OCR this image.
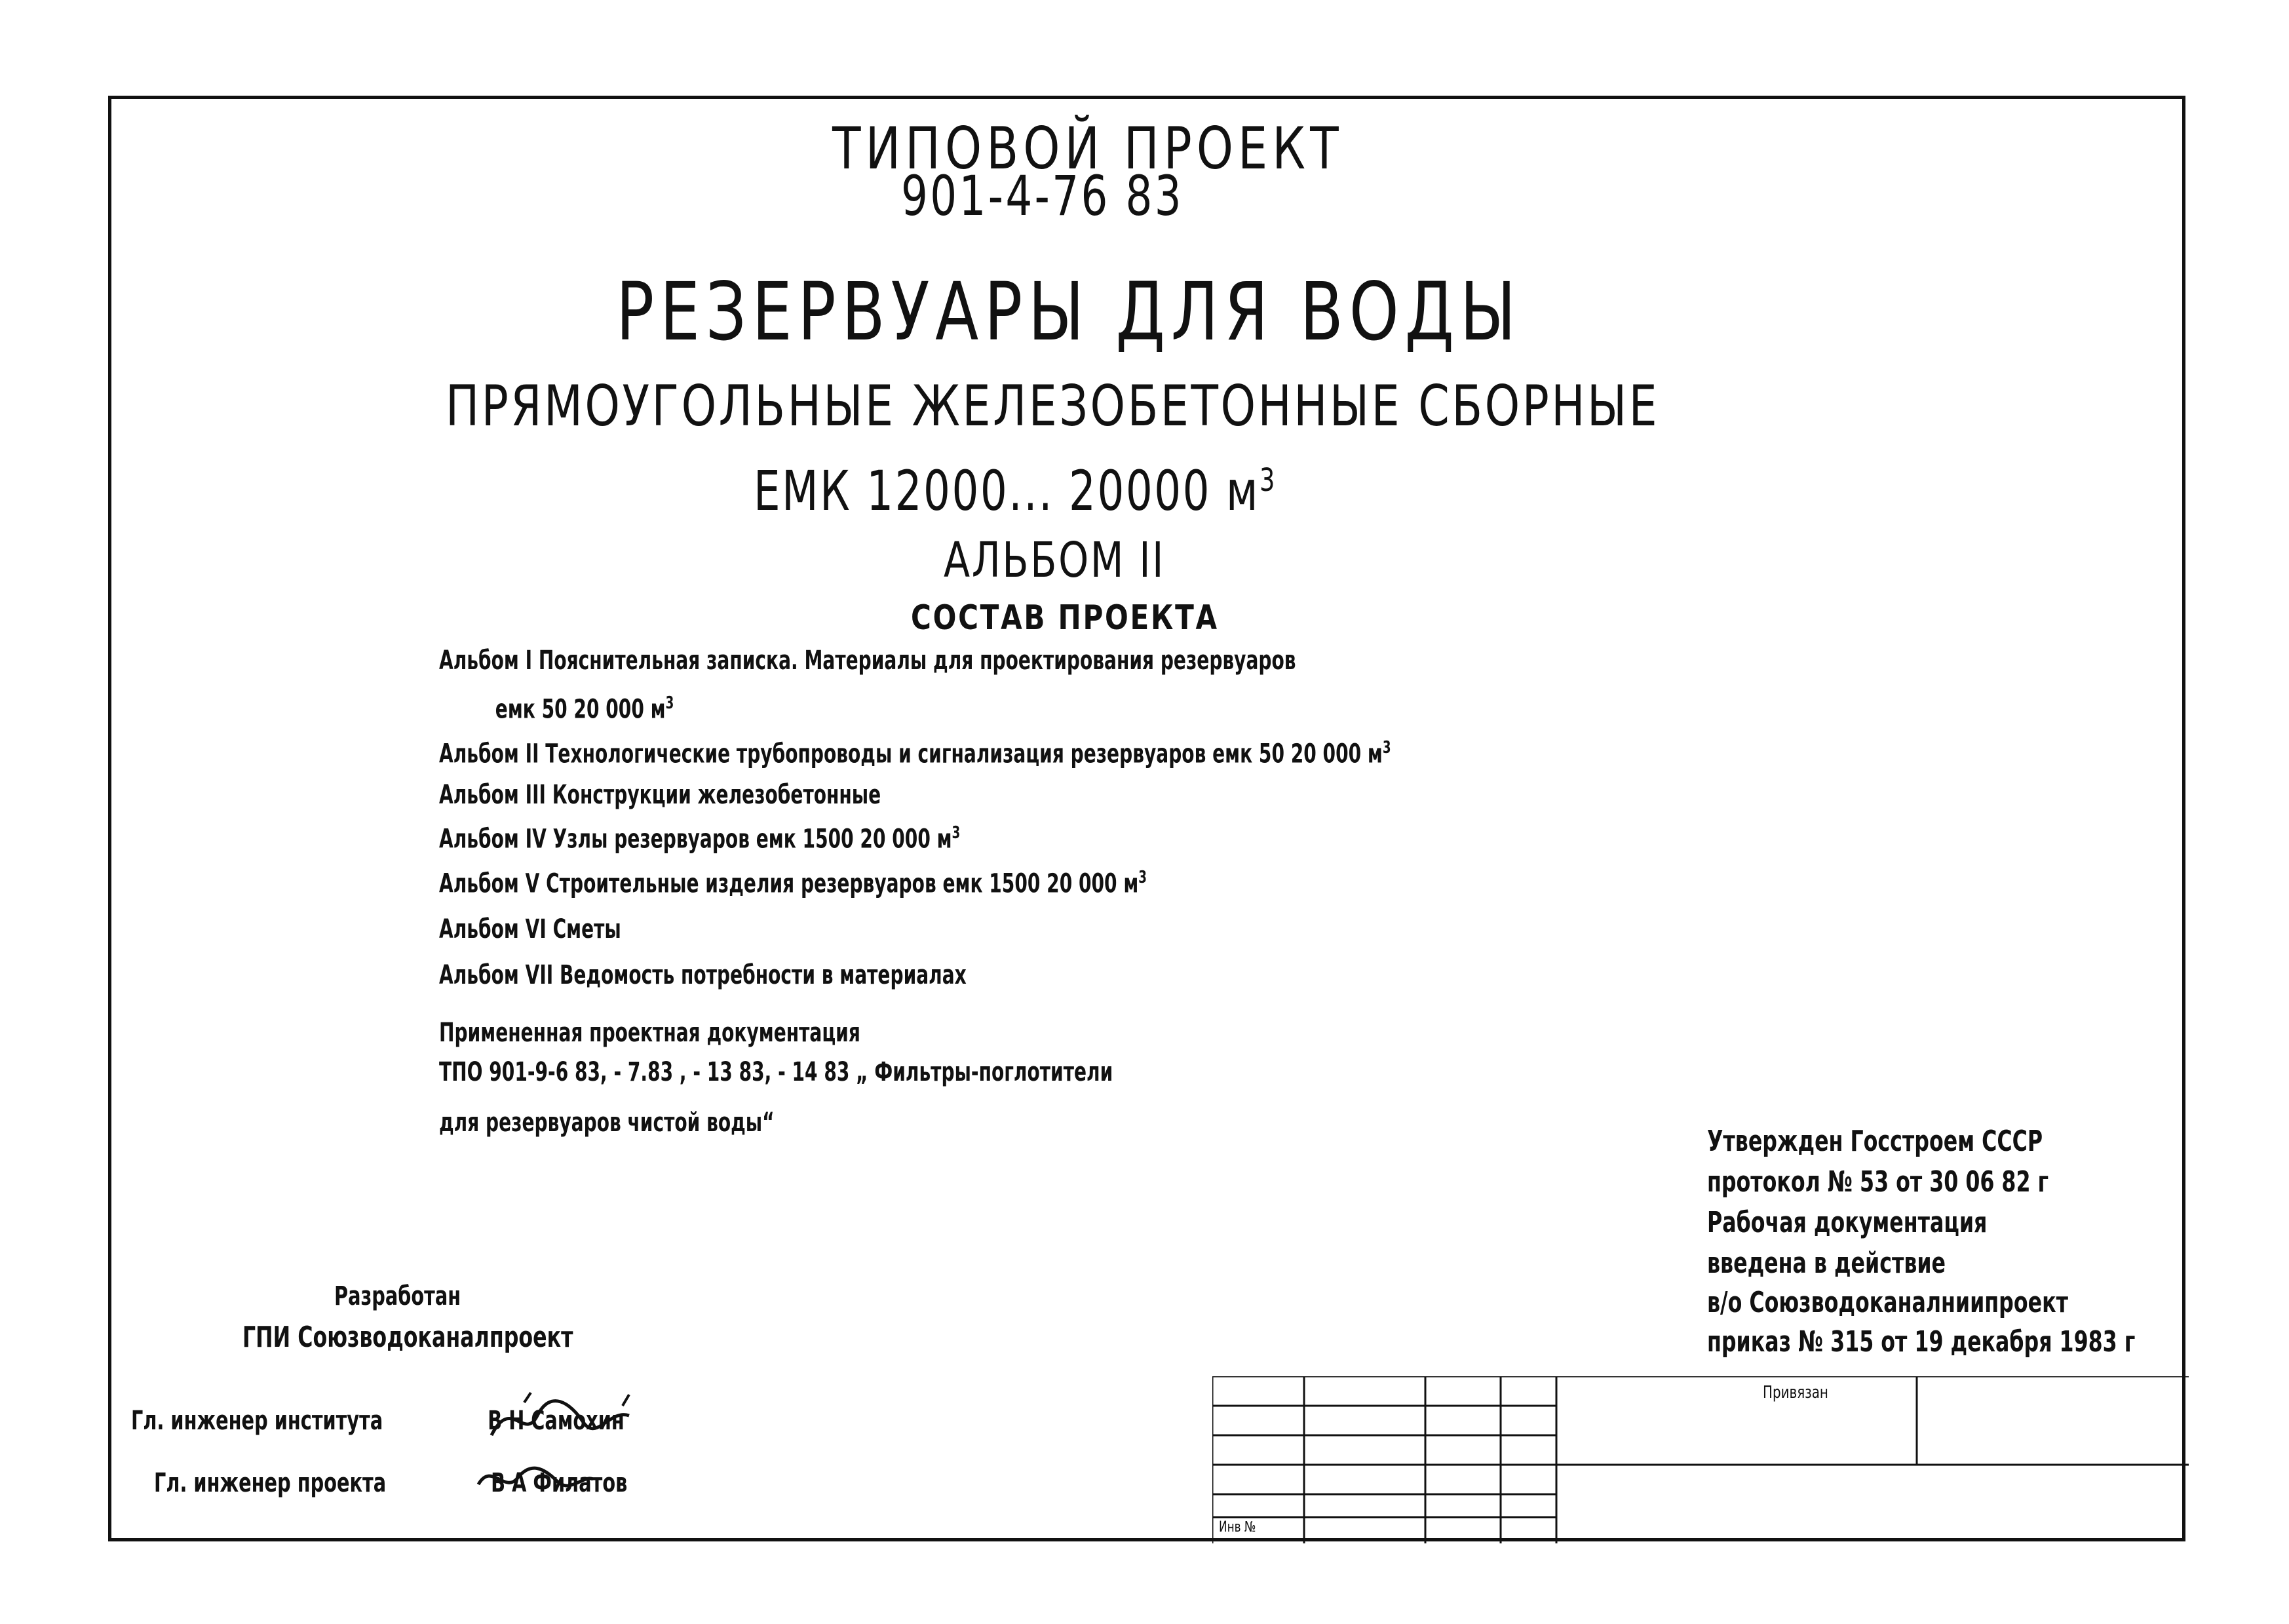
ТИПОВОЙ ПРОЕКТ
901-4-76 83
РЕЗЕРВУАРЫ ДЛЯ ВОДЫ
ПРЯМОУГОЛЬНЫЕ ЖЕЛЕЗОБЕТОННЫЕ СБОРНЫЕ
ЕМК 12000... 20000 $м^3$
АЛЬБОМ II
СОСТАВ ПРОЕКТА
Альбом I Пояснительная записка. Материалы для проектирования резервуаров
емк 50 20 000 $м^3$
Альбом II Технологические трубопроводы и сигнализация резервуаров емк 50 20 000 $м^3$
Альбом III Конструкции железобетонные
Альбом IV Узлы резервуаров емк 1500 20 000 $м^3$
Альбом V Строительные изделия резервуаров емк 1500 20 000 $м^3$
Альбом VI Сметы
Альбом VII Ведомость потребности в материалах
Примененная проектная документация
ТПО 901-9-6 83, - 7.83 , - 13 83, - 14 83 „ Фильтры-поглотители
для резервуаров чистой воды“
Утвержден Госстроем СССР
протокол № 53 от 30 06 82 г
Рабочая документация
введена в действие
в/о Союзводоканалниипроект
приказ № 315 от 19 декабря 1983 г
Разработан
ГПИ Союзводоканалпроект
Гл. инженер института	В Н Самохин
Гл. инженер проекта	В А Филатов
Привязан
Инв №
